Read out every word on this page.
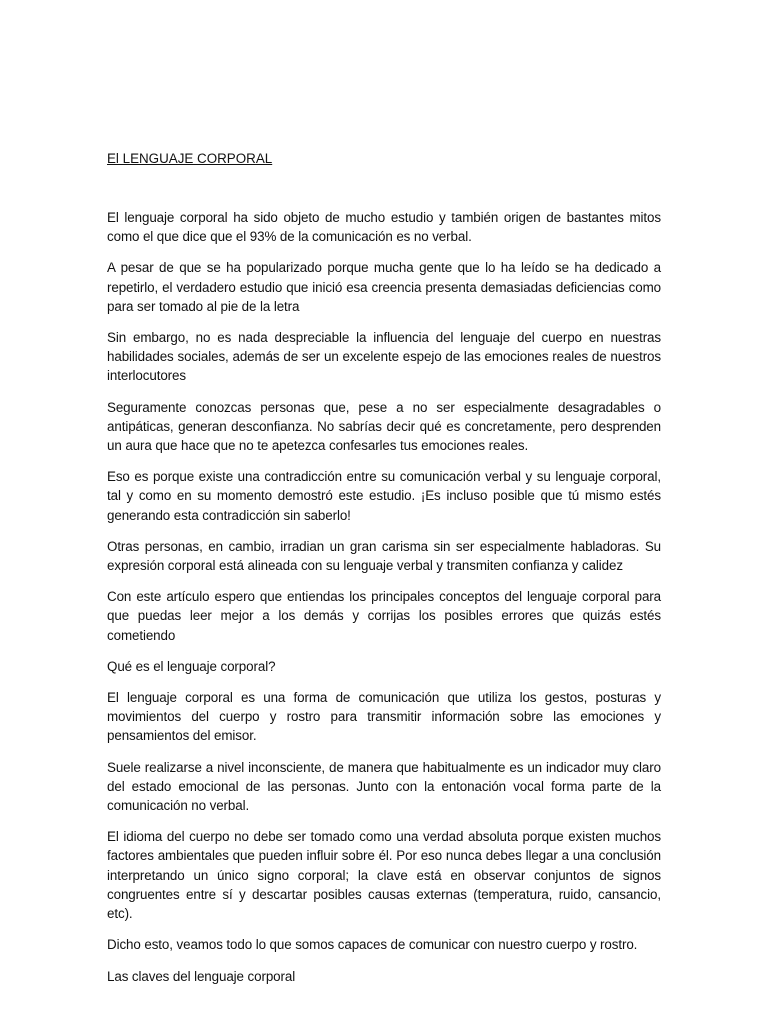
El LENGUAJE CORPORAL

El lenguaje corporal ha sido objeto de mucho estudio y también origen de bastantes mitos como el que dice que el 93% de la comunicación es no verbal.

A pesar de que se ha popularizado porque mucha gente que lo ha leído se ha dedicado a repetirlo, el verdadero estudio que inició esa creencia presenta demasiadas deficiencias como para ser tomado al pie de la letra

Sin embargo, no es nada despreciable la influencia del lenguaje del cuerpo en nuestras habilidades sociales, además de ser un excelente espejo de las emociones reales de nuestros interlocutores

Seguramente conozcas personas que, pese a no ser especialmente desagradables o antipáticas, generan desconfianza. No sabrías decir qué es concretamente, pero desprenden un aura que hace que no te apetezca confesarles tus emociones reales.

Eso es porque existe una contradicción entre su comunicación verbal y su lenguaje corporal, tal y como en su momento demostró este estudio. ¡Es incluso posible que tú mismo estés generando esta contradicción sin saberlo!

Otras personas, en cambio, irradian un gran carisma sin ser especialmente habladoras. Su expresión corporal está alineada con su lenguaje verbal y transmiten confianza y calidez

Con este artículo espero que entiendas los principales conceptos del lenguaje corporal para que puedas leer mejor a los demás y corrijas los posibles errores que quizás estés cometiendo

Qué es el lenguaje corporal?

El lenguaje corporal es una forma de comunicación que utiliza los gestos, posturas y movimientos del cuerpo y rostro para transmitir información sobre las emociones y pensamientos del emisor.

Suele realizarse a nivel inconsciente, de manera que habitualmente es un indicador muy claro del estado emocional de las personas. Junto con la entonación vocal forma parte de la comunicación no verbal.

El idioma del cuerpo no debe ser tomado como una verdad absoluta porque existen muchos factores ambientales que pueden influir sobre él. Por eso nunca debes llegar a una conclusión interpretando un único signo corporal; la clave está en observar conjuntos de signos congruentes entre sí y descartar posibles causas externas (temperatura, ruido, cansancio, etc).

Dicho esto, veamos todo lo que somos capaces de comunicar con nuestro cuerpo y rostro.

Las claves del lenguaje corporal
